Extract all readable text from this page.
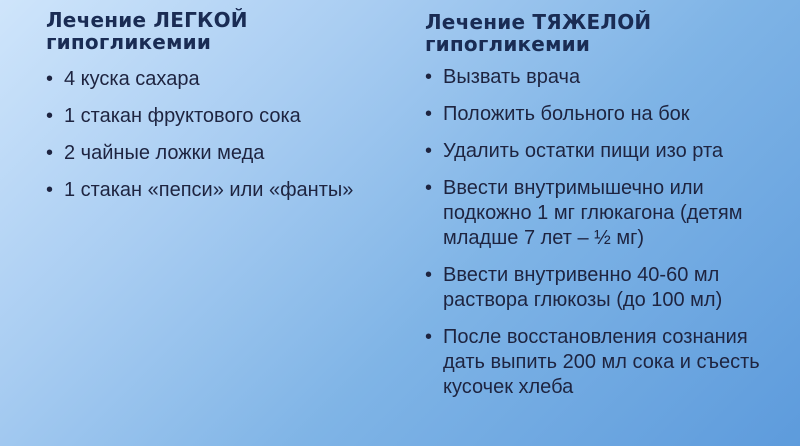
Лечение ЛЕГКОЙ
гипогликемии
• 4 куска сахара
• 1 стакан фруктового сока
• 2 чайные ложки меда
• 1 стакан «пепси» или «фанты»
Лечение ТЯЖЕЛОЙ
гипогликемии
• Вызвать врача
• Положить больного на бок
• Удалить остатки пищи изо рта
• Ввести внутримышечно или подкожно 1 мг глюкагона (детям младше 7 лет – ½ мг)
• Ввести внутривенно 40-60 мл раствора глюкозы (до 100 мл)
• После восстановления сознания дать выпить 200 мл сока и съесть кусочек хлеба
